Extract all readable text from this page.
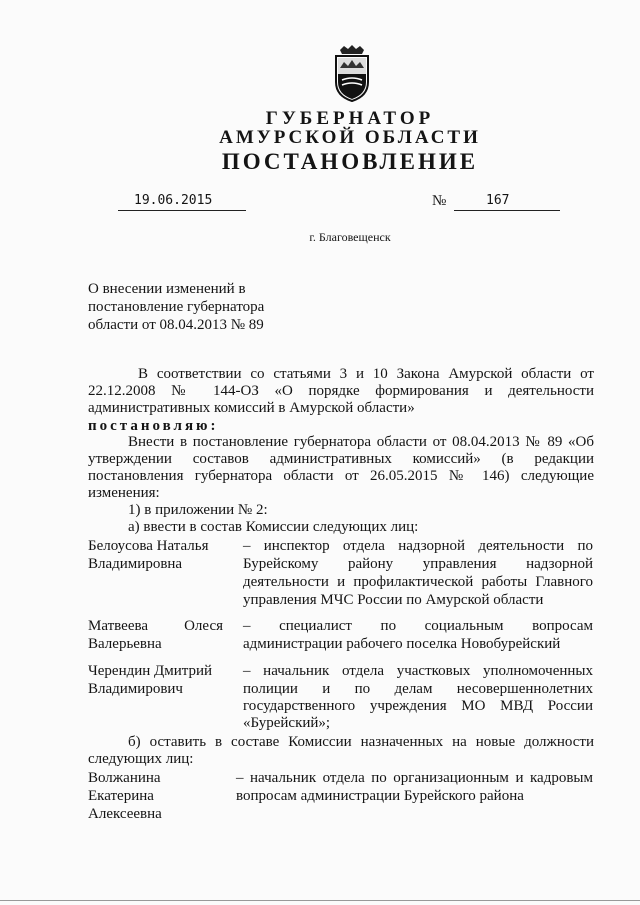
ГУБЕРНАТОР
АМУРСКОЙ ОБЛАСТИ
ПОСТАНОВЛЕНИЕ
19.06.2015	№	167
г. Благовещенск
О внесении изменений в
постановление губернатора
области от 08.04.2013 № 89
В соответствии со статьями 3 и 10 Закона Амурской области от
22.12.2008 № 144-ОЗ «О порядке формирования и деятельности
административных комиссий в Амурской области»
постановляю:
Внести в постановление губернатора области от 08.04.2013 № 89 «Об
утверждении составов административных комиссий» (в редакции
постановления губернатора области от 26.05.2015 № 146) следующие
изменения:
1) в приложении № 2:
а) ввести в состав Комиссии следующих лиц:
Белоусова Наталья
Владимировна
– инспектор отдела надзорной деятельности по
Бурейскому району управления надзорной
деятельности и профилактической работы Главного
управления МЧС России по Амурской области
Матвеева Олеся
Валерьевна
– специалист по социальным вопросам
администрации рабочего поселка Новобурейский
Черендин Дмитрий
Владимирович
– начальник отдела участковых уполномоченных
полиции и по делам несовершеннолетних
государственного учреждения МО МВД России
«Бурейский»;
б) оставить в составе Комиссии назначенных на новые должности
следующих лиц:
Волжанина
Екатерина
Алексеевна
– начальник отдела по организационным и кадровым
вопросам администрации Бурейского района
